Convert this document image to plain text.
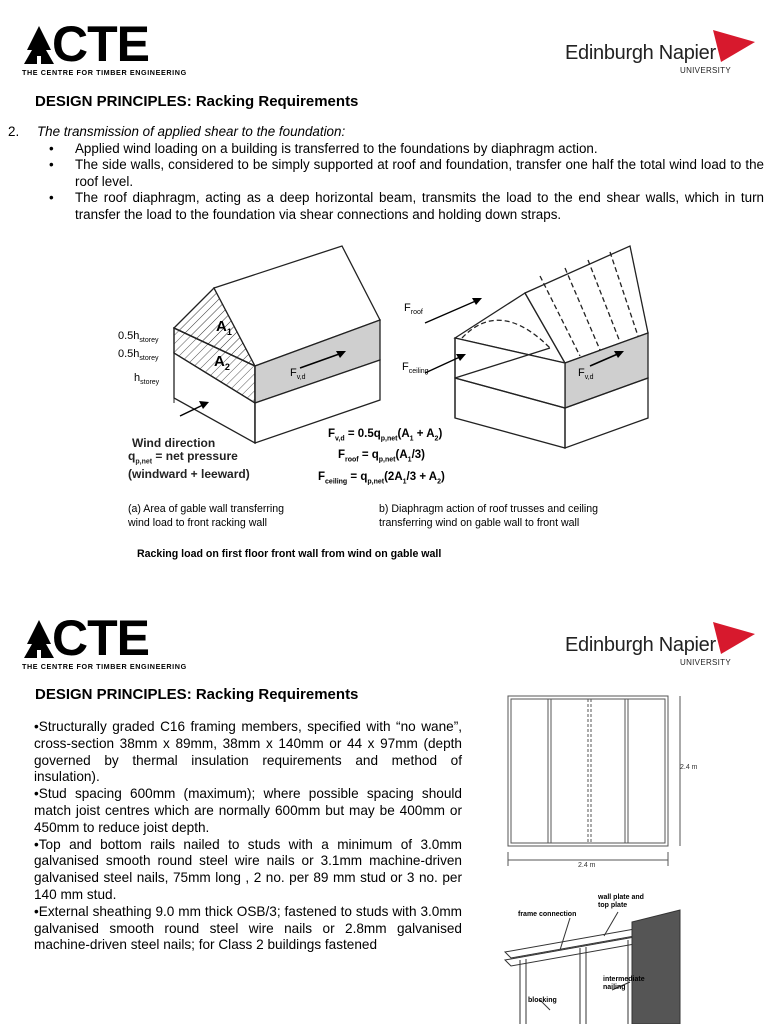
CTE
THE CENTRE FOR TIMBER ENGINEERING
Edinburgh Napier
UNIVERSITY
DESIGN PRINCIPLES: Racking Requirements
2. The transmission of applied shear to the foundation:
• Applied wind loading on a building is transferred to the foundations by diaphragm action.
• The side walls, considered to be simply supported at roof and foundation, transfer one half the total wind load to the roof level.
• The roof diaphragm, acting as a deep horizontal beam, transmits the load to the end shear walls, which in turn transfer the load to the foundation via shear connections and holding down straps.
$0.5h_{storey}$
$0.5h_{storey}$
$h_{storey}$
$A_1$
$A_2$	$F_{v,d}$
Wind direction
$q_{p,net}$ = net pressure
(windward + leeward)
$F_{roof}$
$F_{ceiling}$	$F_{v,d}$
$F_{v,d} = 0.5q_{p,net}(A_1 + A_2)$
$F_{roof} = q_{p,net}(A_1/3)$
$F_{ceiling} = q_{p,net}(2A_1/3 + A_2)$
(a) Area of gable wall transferring
wind load to front racking wall
b) Diaphragm action of roof trusses and ceiling
transferring wind on gable wall to front wall
Racking load on first floor front wall from wind on gable wall
CTE
THE CENTRE FOR TIMBER ENGINEERING
Edinburgh Napier
UNIVERSITY
DESIGN PRINCIPLES: Racking Requirements

•Structurally graded C16 framing members, specified with “no wane”, cross-section 38mm x 89mm, 38mm x 140mm or 44 x 97mm (depth governed by thermal insulation requirements and method of insulation).

•Stud spacing 600mm (maximum); where possible spacing should match joist centres which are normally 600mm but may be 400mm or 450mm to reduce joist depth.

•Top and bottom rails nailed to studs with a minimum of 3.0mm galvanised smooth round steel wire nails or 3.1mm machine-driven galvanised steel nails, 75mm long , 2 no. per 89 mm stud or 3 no. per 140 mm stud.

•External sheathing 9.0 mm thick OSB/3; fastened to studs with 3.0mm galvanised smooth round steel wire nails or 2.8mm galvanised machine-driven steel nails; for Class 2 buildings fastened

2.4 m
2.4 m
wall plate and
top plate
frame connection
intermediate
nailing
blocking
